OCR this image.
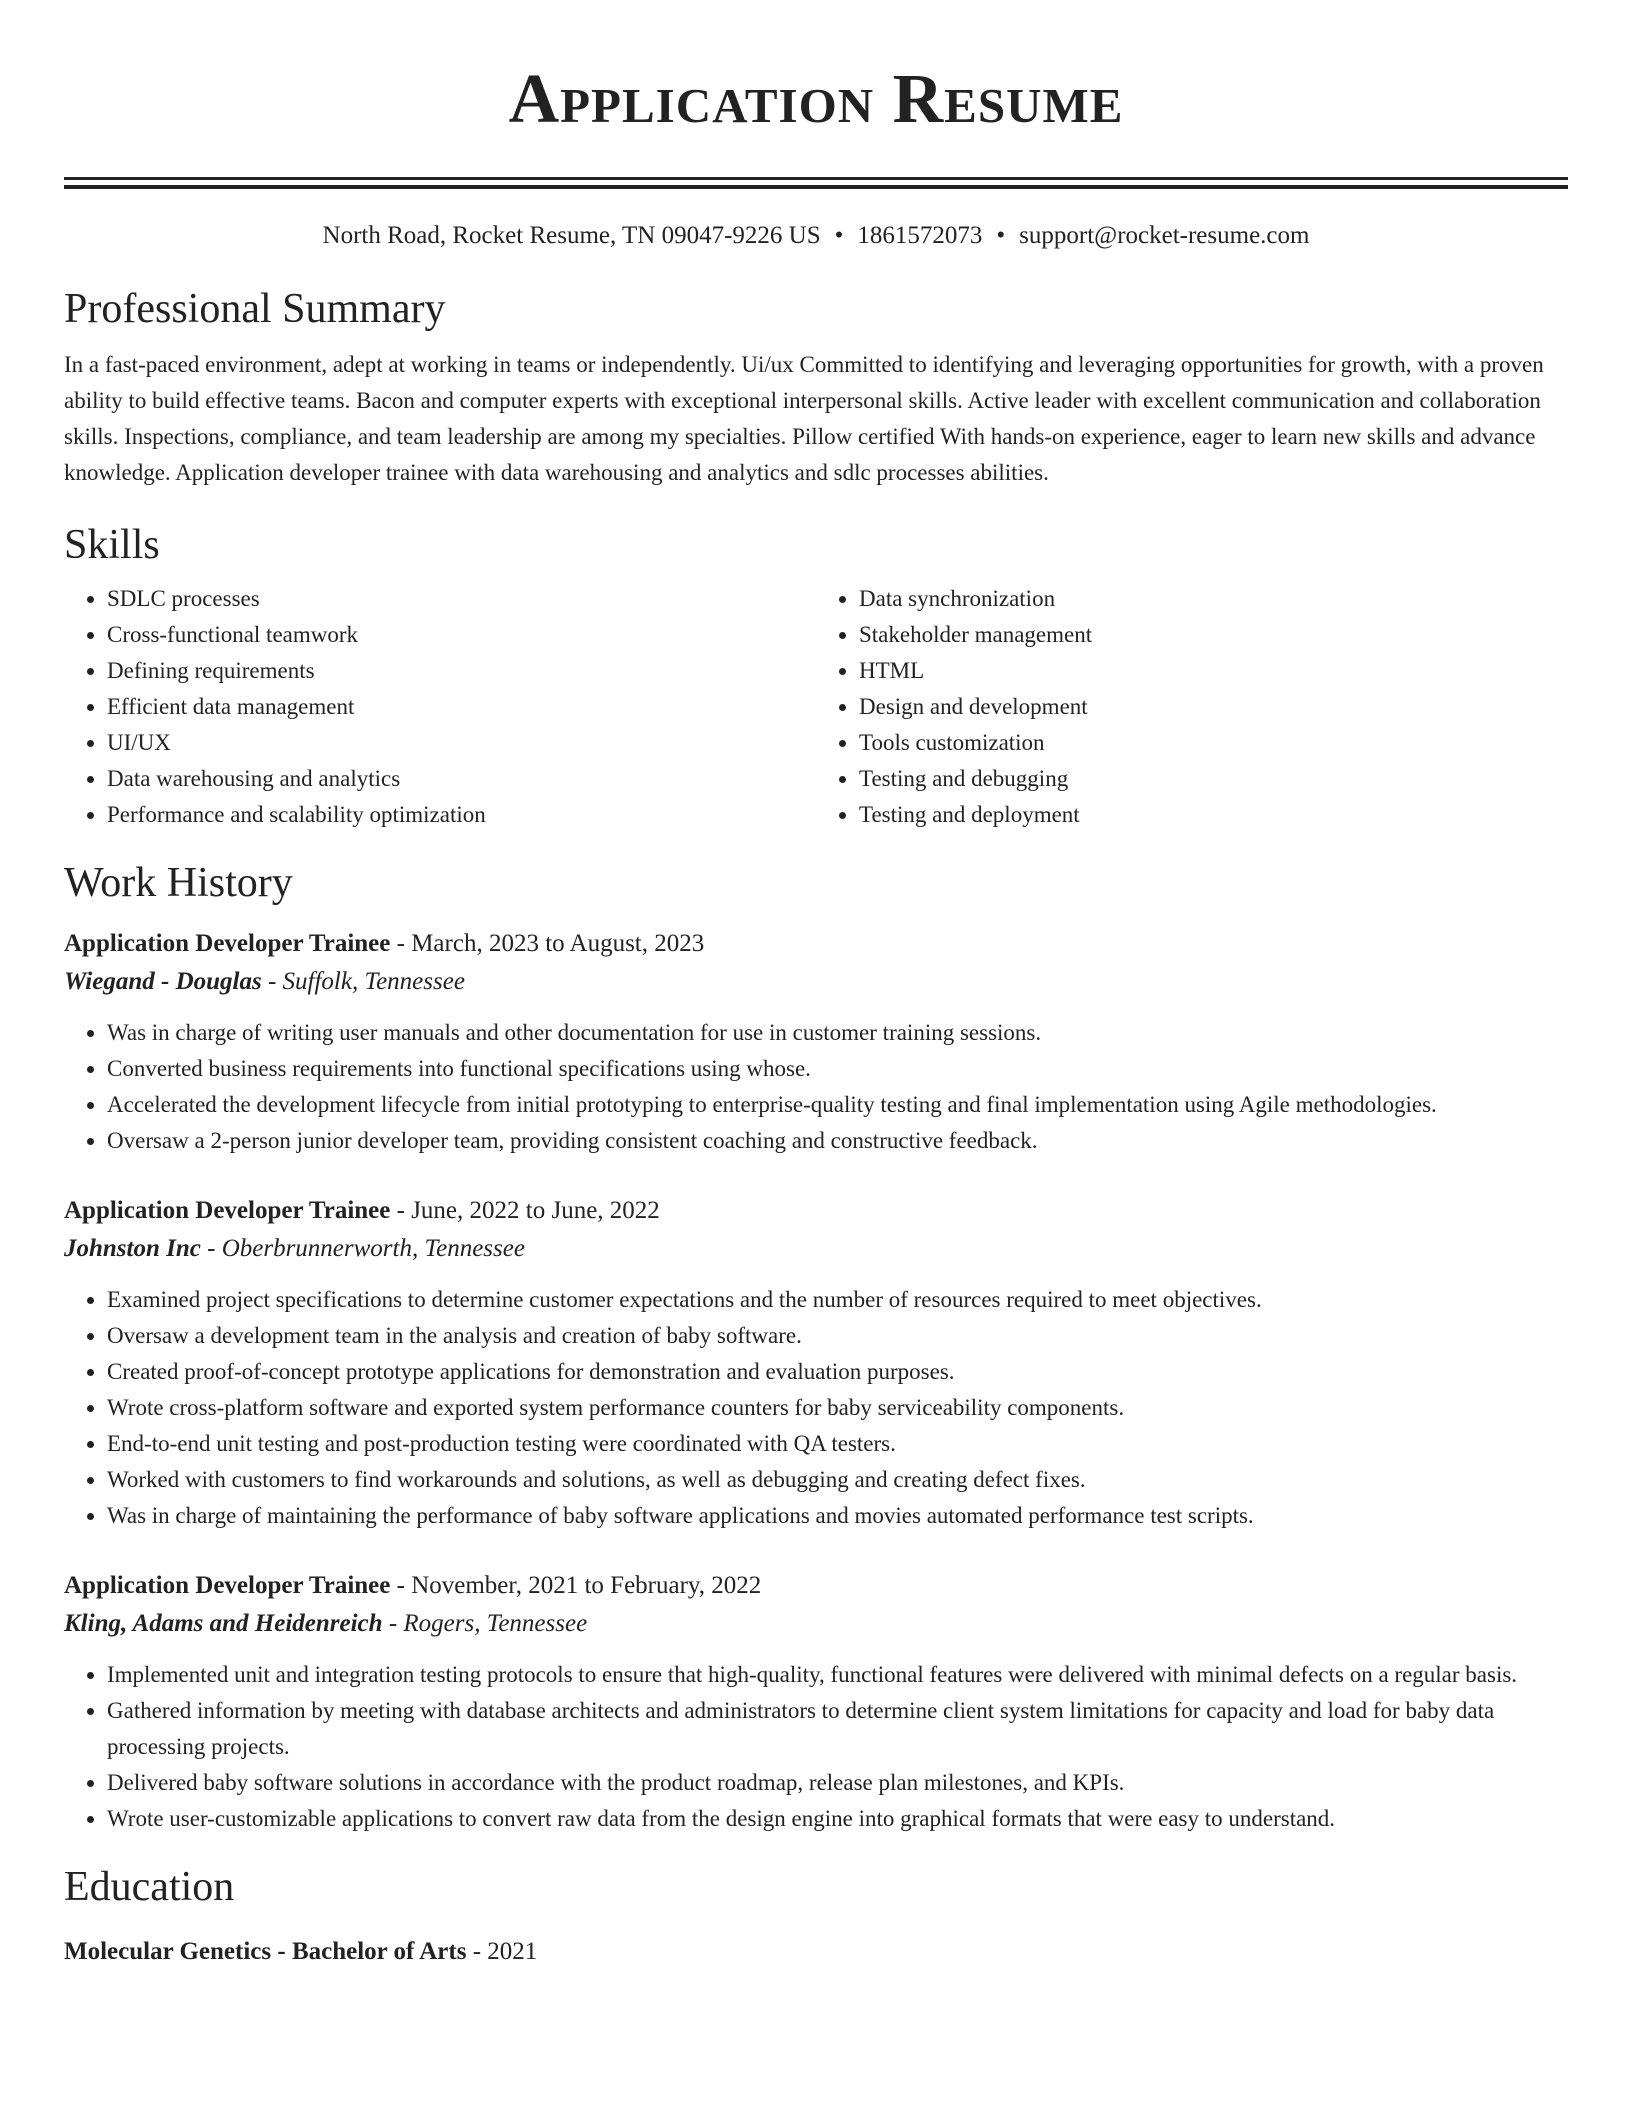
Application Resume
North Road, Rocket Resume, TN 09047-9226 US • 1861572073 • support@rocket-resume.com
Professional Summary

In a fast-paced environment, adept at working in teams or independently. Ui/ux Committed to identifying and leveraging opportunities for growth, with a proven ability to build effective teams. Bacon and computer experts with exceptional interpersonal skills. Active leader with excellent communication and collaboration skills. Inspections, compliance, and team leadership are among my specialties. Pillow certified With hands-on experience, eager to learn new skills and advance knowledge. Application developer trainee with data warehousing and analytics and sdlc processes abilities.

Skills
• SDLC processes
• Cross-functional teamwork
• Defining requirements
• Efficient data management
• UI/UX
• Data warehousing and analytics
• Performance and scalability optimization
• Data synchronization
• Stakeholder management
• HTML
• Design and development
• Tools customization
• Testing and debugging
• Testing and deployment
Work History
Application Developer Trainee - March, 2023 to August, 2023
Wiegand - Douglas - Suffolk, Tennessee
• Was in charge of writing user manuals and other documentation for use in customer training sessions.
• Converted business requirements into functional specifications using whose.
• Accelerated the development lifecycle from initial prototyping to enterprise-quality testing and final implementation using Agile methodologies.
• Oversaw a 2-person junior developer team, providing consistent coaching and constructive feedback.
Application Developer Trainee - June, 2022 to June, 2022
Johnston Inc - Oberbrunnerworth, Tennessee
• Examined project specifications to determine customer expectations and the number of resources required to meet objectives.
• Oversaw a development team in the analysis and creation of baby software.
• Created proof-of-concept prototype applications for demonstration and evaluation purposes.
• Wrote cross-platform software and exported system performance counters for baby serviceability components.
• End-to-end unit testing and post-production testing were coordinated with QA testers.
• Worked with customers to find workarounds and solutions, as well as debugging and creating defect fixes.
• Was in charge of maintaining the performance of baby software applications and movies automated performance test scripts.
Application Developer Trainee - November, 2021 to February, 2022
Kling, Adams and Heidenreich - Rogers, Tennessee
• Implemented unit and integration testing protocols to ensure that high-quality, functional features were delivered with minimal defects on a regular basis.
• Gathered information by meeting with database architects and administrators to determine client system limitations for capacity and load for baby data processing projects.
• Delivered baby software solutions in accordance with the product roadmap, release plan milestones, and KPIs.
• Wrote user-customizable applications to convert raw data from the design engine into graphical formats that were easy to understand.
Education
Molecular Genetics - Bachelor of Arts - 2021
